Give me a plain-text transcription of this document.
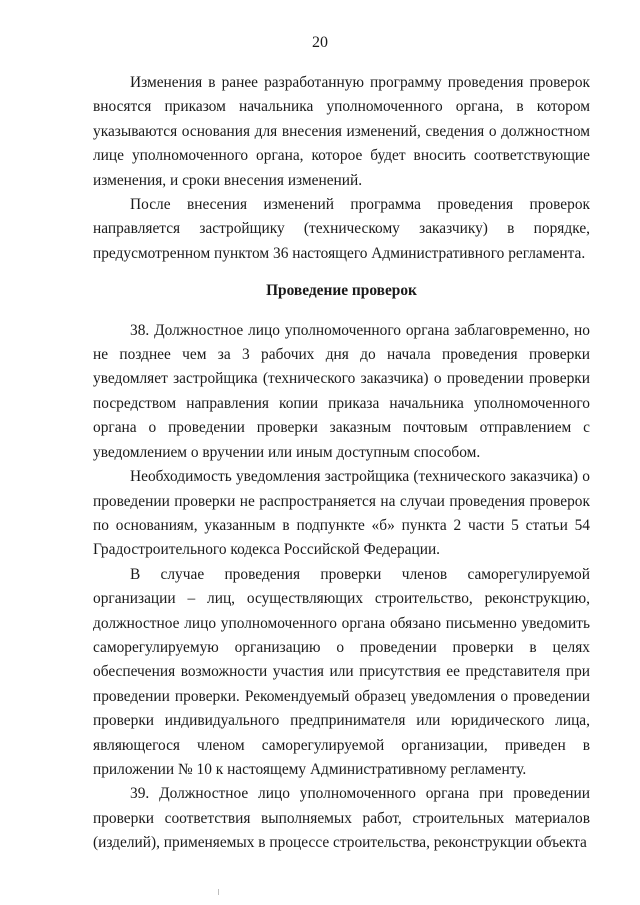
20

Изменения в ранее разработанную программу проведения проверок вносятся приказом начальника уполномоченного органа, в котором указываются основания для внесения изменений, сведения о должностном лице уполномоченного органа, которое будет вносить соответствующие изменения, и сроки внесения изменений.

После внесения изменений программа проведения проверок направляется застройщику (техническому заказчику) в порядке, предусмотренном пунктом 36 настоящего Административного регламента.

Проведение проверок

38. Должностное лицо уполномоченного органа заблаговременно, но не позднее чем за 3 рабочих дня до начала проведения проверки уведомляет застройщика (технического заказчика) о проведении проверки посредством направления копии приказа начальника уполномоченного органа о проведении проверки заказным почтовым отправлением с уведомлением о вручении или иным доступным способом.

Необходимость уведомления застройщика (технического заказчика) о проведении проверки не распространяется на случаи проведения проверок по основаниям, указанным в подпункте «б» пункта 2 части 5 статьи 54 Градостроительного кодекса Российской Федерации.

В случае проведения проверки членов саморегулируемой организации – лиц, осуществляющих строительство, реконструкцию, должностное лицо уполномоченного органа обязано письменно уведомить саморегулируемую организацию о проведении проверки в целях обеспечения возможности участия или присутствия ее представителя при проведении проверки. Рекомендуемый образец уведомления о проведении проверки индивидуального предпринимателя или юридического лица, являющегося членом саморегулируемой организации, приведен в приложении № 10 к настоящему Административному регламенту.

39. Должностное лицо уполномоченного органа при проведении проверки соответствия выполняемых работ, строительных материалов (изделий), применяемых в процессе строительства, реконструкции объекта
